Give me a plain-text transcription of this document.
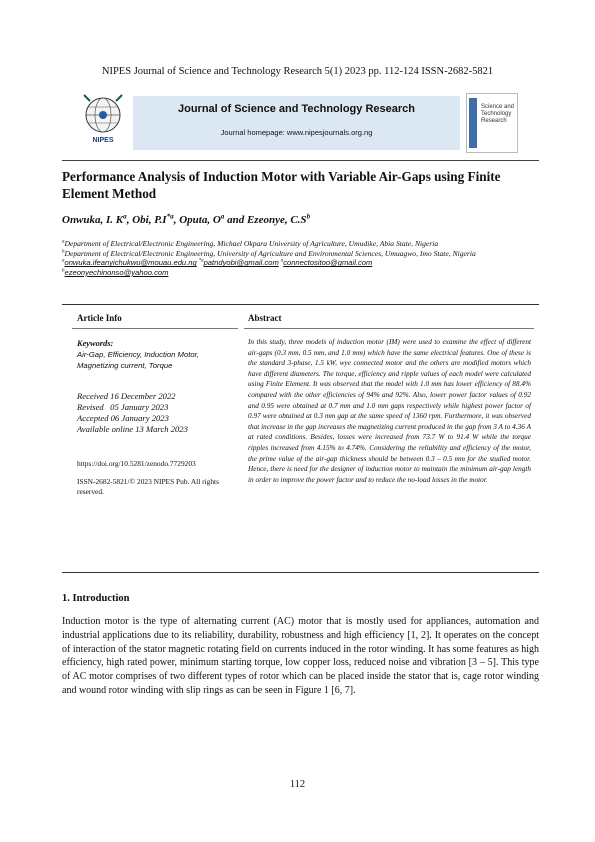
NIPES Journal of Science and Technology Research 5(1) 2023 pp. 112-124 ISSN-2682-5821
NIPES
Journal of Science and Technology Research
Journal homepage: www.nipesjournals.org.ng
Science and
Technology
Research
Performance Analysis of Induction Motor with Variable Air-Gaps using Finite Element Method
Onwuka, I. $K^a$, Obi, $P.I^{*a}$, Oputa, $O^a$ and Ezeonye, $C.S^b$
$^a$Department of Electrical/Electronic Engineering, Michael Okpara University of Agriculture, Umudike, Abia State, Nigeria
$^b$Department of Electrical/Electronic Engineering, University of Agriculture and Environmental Sciences, Umuagwo, Imo State, Nigeria
$^a$onwuka.ifeanyichukwu@mouau.edu.ng $^{*a}$patndyobi@gmail.com $^a$connectositoo@gmail.com
$^b$ezeonyechinonso@yahoo.com
Article Info
Keywords:
Air-Gap, Efficiency, Induction Motor, Magnetizing current, Torque
Received 16 December 2022
Revised   05 January 2023
Accepted 06 January 2023
Available online 13 March 2023
https://doi.org/10.5281/zenodo.7729203
ISSN-2682-5821/© 2023 NIPES Pub. All rights reserved.
Abstract
In this study, three models of induction motor (IM) were used to examine the effect of different air-gaps (0.3 mm, 0.5 mm, and 1.0 mm) which have the same electrical features. One of these is the standard 3-phase, 1.5 kW, wye connected motor and the others are modified motors which have different diameters. The torque, efficiency and ripple values of each model were calculated using Finite Element. It was observed that the model with 1.0 mm has lower efficiency of 88.4% compared with the other efficiencies of 94% and 92%. Also, lower power factor values of 0.92 and 0.95 were obtained at 0.7 mm and 1.0 mm gaps respectively while highest power factor of 0.97 were obtained at 0.3 mm gap at the same speed of 1360 rpm. Furthermore, it was observed that increase in the gap increases the magnetizing current produced in the gap from 3 A to 4.36 A at rated conditions. Besides, losses were increased from 73.7 W to 91.4 W while the torque ripples increased from 4.15% to 4.74%. Considering the reliability and efficiency of the motor, the prime value of the air-gap thickness should be between 0.3 – 0.5 mm for the studied motor. Hence, there is need for the designer of induction motor to maintain the minimum air-gap length in order to improve the power factor and to reduce the no-load losses in the motor.
1. Introduction
Induction motor is the type of alternating current (AC) motor that is mostly used for appliances, automation and industrial applications due to its reliability, durability, robustness and high efficiency [1, 2]. It operates on the concept of interaction of the stator magnetic rotating field on currents induced in the rotor winding. It has some features as high efficiency, high rated power, minimum starting torque, low copper loss, reduced noise and vibration [3 – 5]. This type of AC motor comprises of two different types of rotor which can be placed inside the stator that is, cage rotor winding and wound rotor winding with slip rings as can be seen in Figure 1 [6, 7].
112
